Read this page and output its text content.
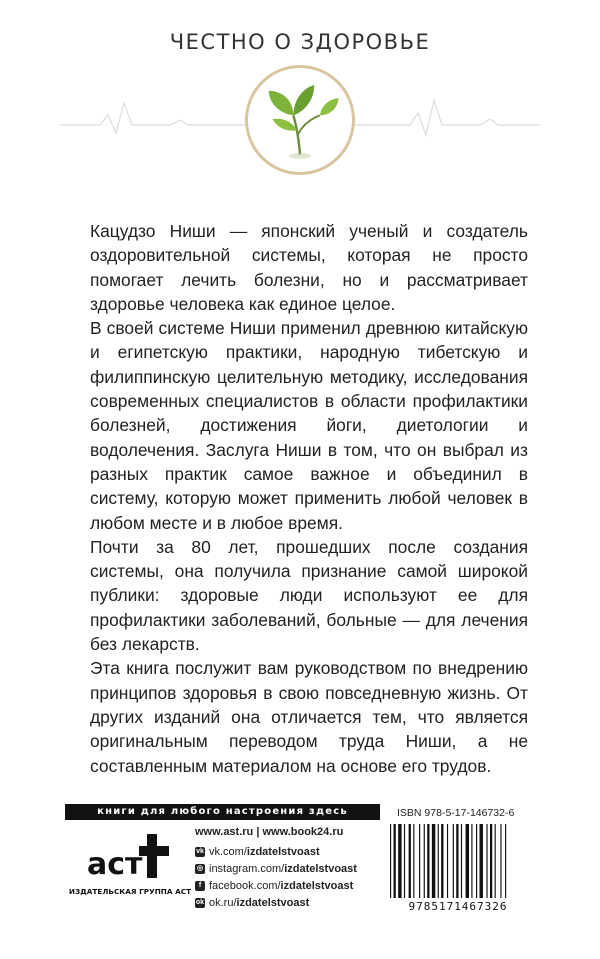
ЧЕСТНО О ЗДОРОВЬЕ

Кацудзо Ниши — японский ученый и создатель оздоровительной системы, которая не просто помогает лечить болезни, но и рассматривает здоровье человека как единое целое.

В своей системе Ниши применил древнюю китайскую и египетскую практики, народную тибетскую и филиппинскую целительную методику, исследования современных специалистов в области профилактики болезней, достижения йоги, диетологии и водолечения. Заслуга Ниши в том, что он выбрал из разных практик самое важное и объединил в систему, которую может применить любой человек в любом месте и в любое время.

Почти за 80 лет, прошедших после создания системы, она получила признание самой широкой публики: здоровые люди используют ее для профилактики заболеваний, больные — для лечения без лекарств.

Эта книга послужит вам руководством по внедрению принципов здоровья в свою повседневную жизнь. От других изданий она отличается тем, что является оригинальным переводом труда Ниши, а не составленным материалом на основе его трудов.

книги для любого настроения здесь
аст
ИЗДАТЕЛЬСКАЯ ГРУППА АСТ
www.ast.ru | www.book24.ru
vk vk.com/ izdatelstvoast
◎ instagram.com/ izdatelstvoast
f facebook.com/ izdatelstvoast
ok ok.ru/ izdatelstvoast
ISBN 978-5-17-146732-6
9785171467326
